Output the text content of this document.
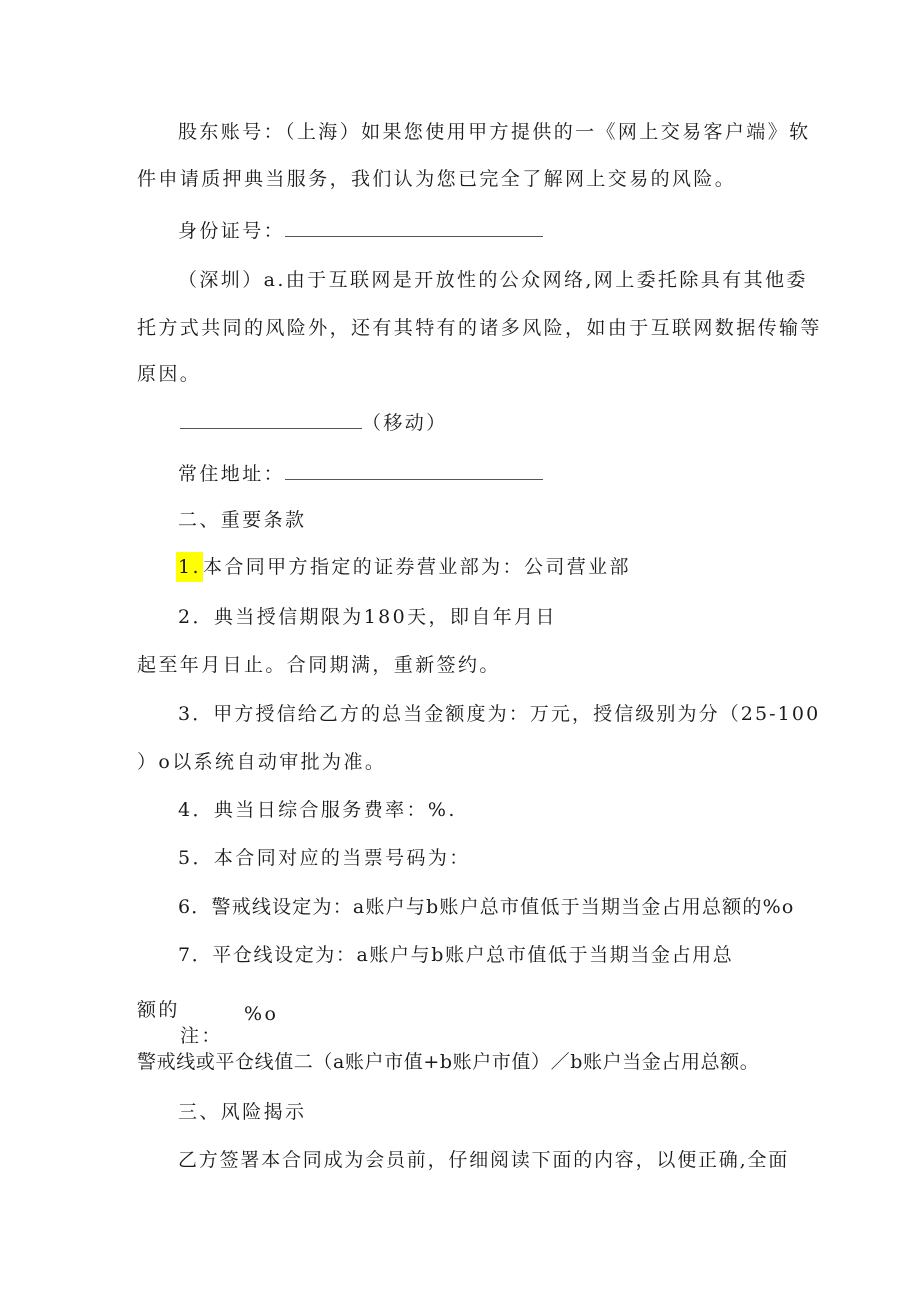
股东账号：（上海）如果您使用甲方提供的一《网上交易客户端》软
件申请质押典当服务，我们认为您已完全了解网上交易的风险。
身份证号：
（深圳）a.由于互联网是开放性的公众网络,网上委托除具有其他委
托方式共同的风险外，还有其特有的诸多风险，如由于互联网数据传输等
原因。
（移动）
常住地址：
二、重要条款
1. 本合同甲方指定的证券营业部为：公司营业部
2．典当授信期限为180天，即自年月日
起至年月日止。合同期满，重新签约。
3．甲方授信给乙方的总当金额度为：万元，授信级别为分（25-100
）o以系统自动审批为准。
4．典当日综合服务费率：%.
5．本合同对应的当票号码为：
6．警戒线设定为：a账户与b账户总市值低于当期当金占用总额的%o
7．平仓线设定为：a账户与b账户总市值低于当期当金占用总
额的	%o
注：
警戒线或平仓线值二（a账户市值+b账户市值）／b账户当金占用总额。
三、风险揭示
乙方签署本合同成为会员前，仔细阅读下面的内容，以便正确,全面
